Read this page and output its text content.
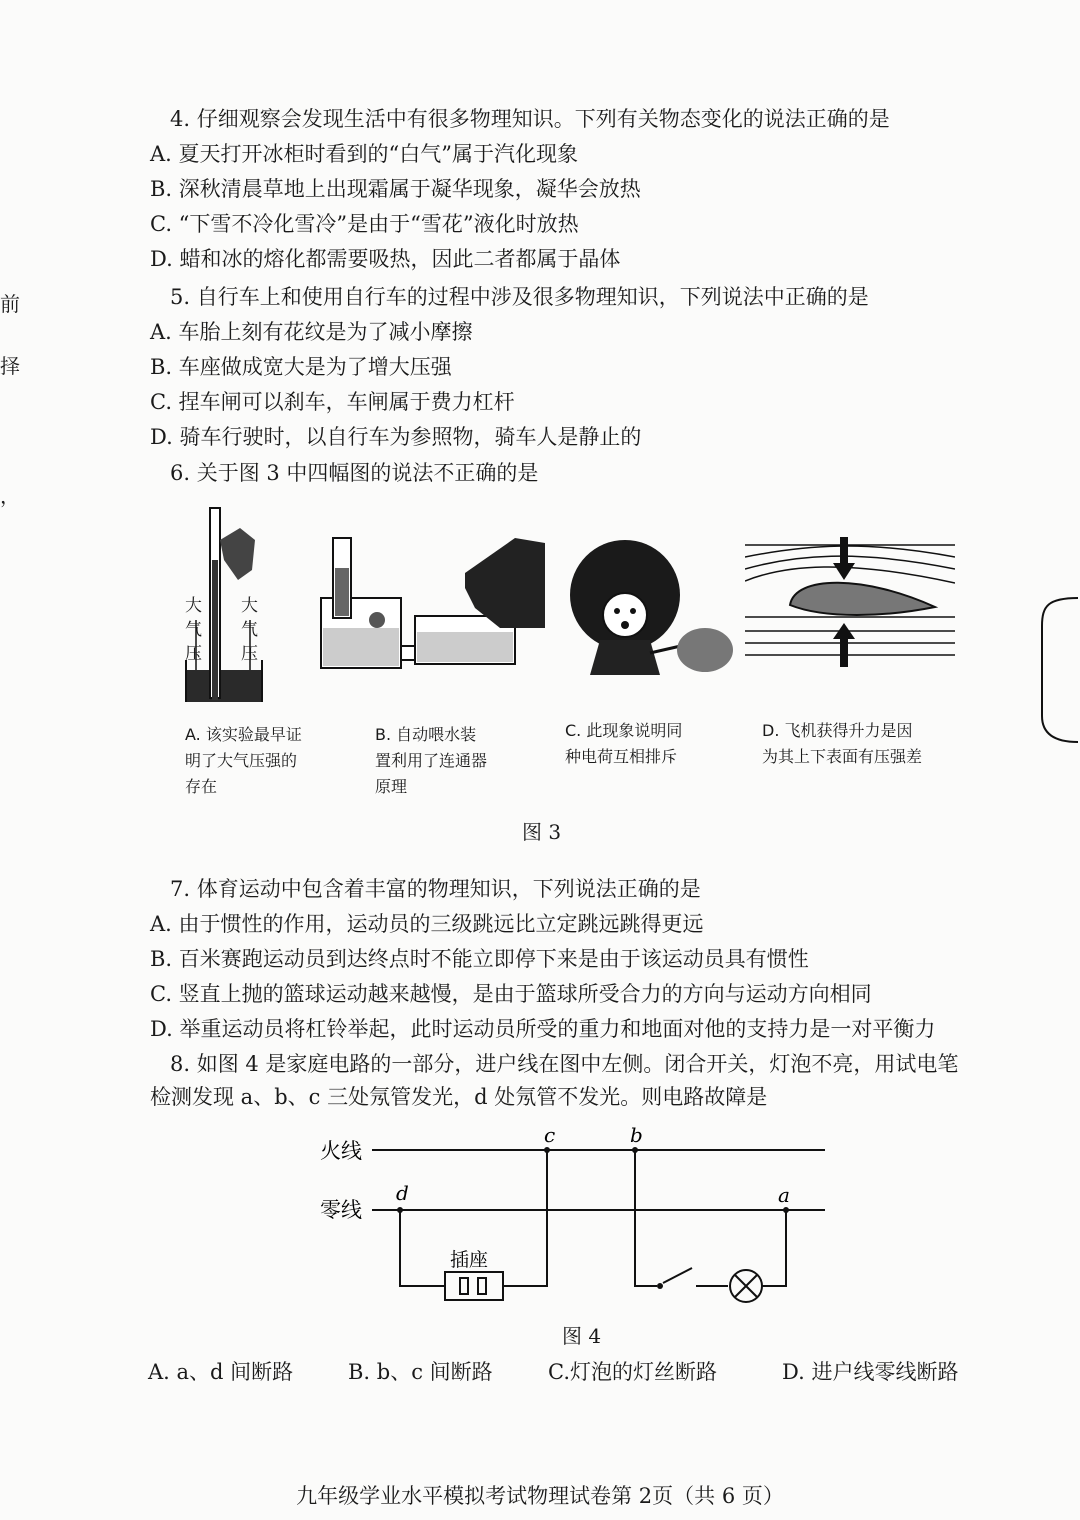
前
择
，
4. 仔细观察会发现生活中有很多物理知识。下列有关物态变化的说法正确的是
A. 夏天打开冰柜时看到的“白气”属于汽化现象
B. 深秋清晨草地上出现霜属于凝华现象，凝华会放热
C. “下雪不冷化雪冷”是由于“雪花”液化时放热
D. 蜡和冰的熔化都需要吸热，因此二者都属于晶体
5. 自行车上和使用自行车的过程中涉及很多物理知识，下列说法中正确的是
A. 车胎上刻有花纹是为了减小摩擦
B. 车座做成宽大是为了增大压强
C. 捏车闸可以刹车，车闸属于费力杠杆
D. 骑车行驶时，以自行车为参照物，骑车人是静止的
6. 关于图 3 中四幅图的说法不正确的是
大
气
压
大
气
压
A. 该实验最早证
明了大气压强的
存在
B. 自动喂水装
置利用了连通器
原理
C. 此现象说明同
种电荷互相排斥
D. 飞机获得升力是因
为其上下表面有压强差
图 3
7. 体育运动中包含着丰富的物理知识，下列说法正确的是
A. 由于惯性的作用，运动员的三级跳远比立定跳远跳得更远
B. 百米赛跑运动员到达终点时不能立即停下来是由于该运动员具有惯性
C. 竖直上抛的篮球运动越来越慢，是由于篮球所受合力的方向与运动方向相同
D. 举重运动员将杠铃举起，此时运动员所受的重力和地面对他的支持力是一对平衡力
8. 如图 4 是家庭电路的一部分，进户线在图中左侧。闭合开关，灯泡不亮，用试电笔
检测发现 a、b、c 三处氖管发光，d 处氖管不发光。则电路故障是
火线
零线
d
c	b
a
插座
图 4
A. a、d 间断路	B. b、c 间断路	C.灯泡的灯丝断路	D. 进户线零线断路
九年级学业水平模拟考试物理试卷第 2页（共 6 页）
